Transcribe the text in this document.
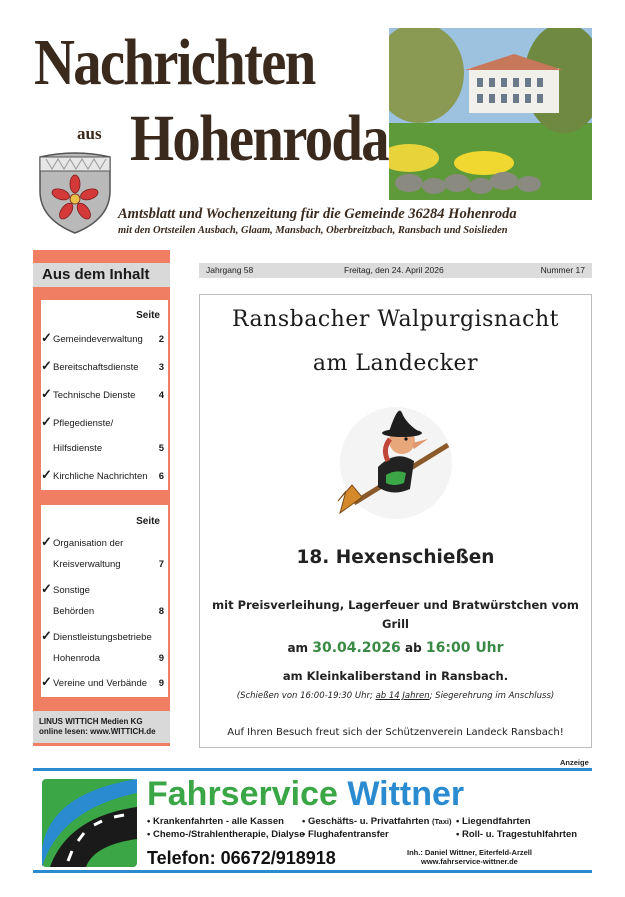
Nachrichten
aus Hohenroda
Amtsblatt und Wochenzeitung für die Gemeinde 36284 Hohenroda
mit den Ortsteilen Ausbach, Glaam, Mansbach, Oberbreitzbach, Ransbach und Soislieden
Aus dem Inhalt
Seite
✓ Gemeindeverwaltung 2
✓ Bereitschaftsdienste 3
✓ Technische Dienste 4
✓ Pflegedienste/
Hilfsdienste	5
✓ Kirchliche Nachrichten 6
Seite
✓ Organisation der
Kreisverwaltung	7
✓ Sonstige
Behörden	8
✓ Dienstleistungsbetriebe
Hohenroda	9
✓ Vereine und Verbände 9
LINUS WITTICH Medien KG
online lesen: www.WITTICH.de
Jahrgang 58	Freitag, den 24. April 2026	Nummer 17
Ransbacher Walpurgisnacht
am Landecker
18. Hexenschießen
mit Preisverleihung, Lagerfeuer und Bratwürstchen vom
Grill
am 30.04.2026 ab 16:00 Uhr
am Kleinkaliberstand in Ransbach.
(Schießen von 16:00-19:30 Uhr; ab 14 Jahren; Siegerehrung im Anschluss)
Auf Ihren Besuch freut sich der Schützenverein Landeck Ransbach!
Anzeige
Fahrservice Wittner
• Krankenfahrten - alle Kassen
• Chemo-/Strahlentherapie, Dialyse
• Geschäfts- u. Privatfahrten (Taxi)
• Flughafentransfer
• Liegendfahrten
• Roll- u. Tragestuhlfahrten
Telefon: 06672/918918	Inh.: Daniel Wittner, Eiterfeld-Arzell
www.fahrservice-wittner.de
